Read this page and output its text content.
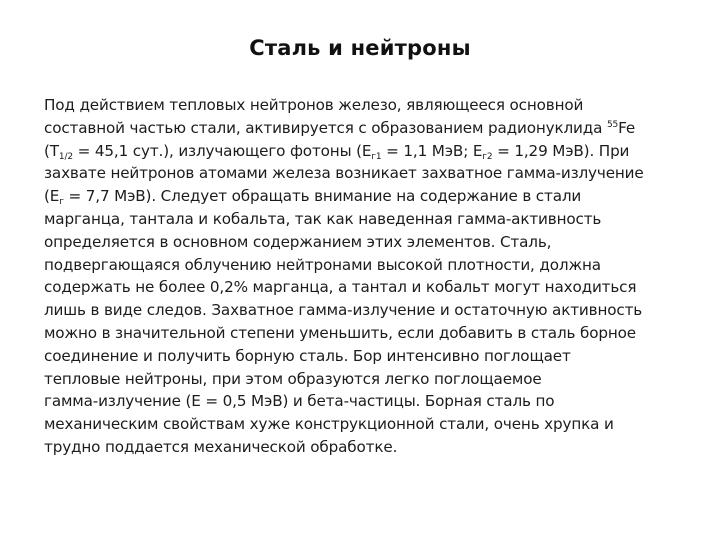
Сталь и нейтроны
Под действием тепловых нейтронов железо, являющееся основной
составной частью стали, активируется с образованием радионуклида $^{55}$Fe
($T_{1/2} = 45,1$ сут.), излучающего фотоны ($E_{г1} = 1,1$ МэВ; $E_{г2} = 1,29$ МэВ). При
захвате нейтронов атомами железа возникает захватное гамма-излучение
($E_г = 7,7$ МэВ). Следует обращать внимание на содержание в стали
марганца, тантала и кобальта, так как наведенная гамма-активность
определяется в основном содержанием этих элементов. Сталь,
подвергающаяся облучению нейтронами высокой плотности, должна
содержать не более 0,2% марганца, а тантал и кобальт могут находиться
лишь в виде следов. Захватное гамма-излучение и остаточную активность
можно в значительной степени уменьшить, если добавить в сталь борное
соединение и получить борную сталь. Бор интенсивно поглощает
тепловые нейтроны, при этом образуются легко поглощаемое
гамма-излучение (E = 0,5 МэВ) и бета-частицы. Борная сталь по
механическим свойствам хуже конструкционной стали, очень хрупка и
трудно поддается механической обработке.
